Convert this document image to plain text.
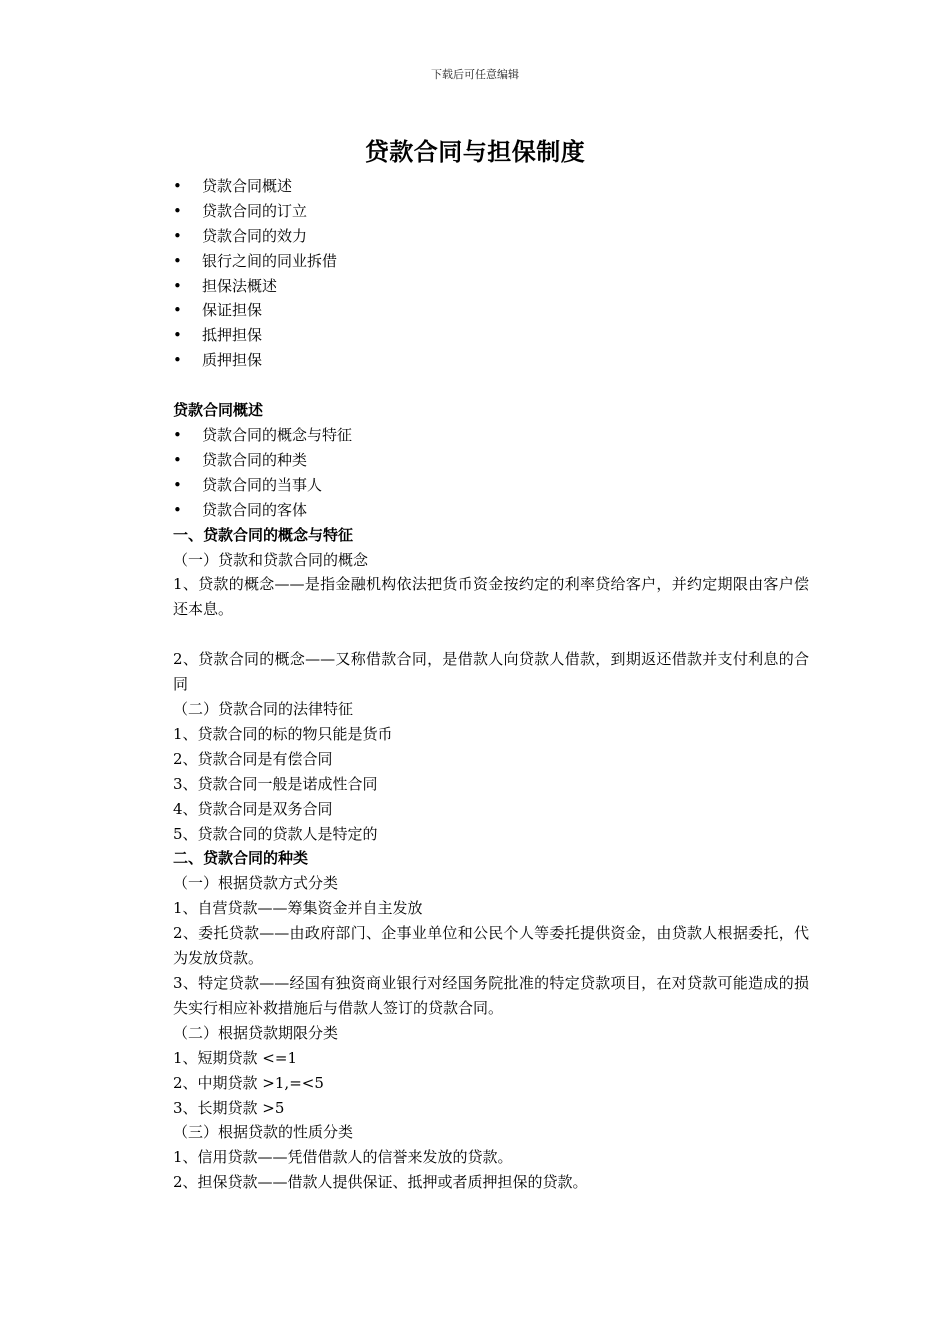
下载后可任意编辑
贷款合同与担保制度
• 贷款合同概述
• 贷款合同的订立
• 贷款合同的效力
• 银行之间的同业拆借
• 担保法概述
• 保证担保
• 抵押担保
• 质押担保

贷款合同概述

• 贷款合同的概念与特征
• 贷款合同的种类
• 贷款合同的当事人
• 贷款合同的客体

一、贷款合同的概念与特征

（一）贷款和贷款合同的概念

1、贷款的概念——是指金融机构依法把货币资金按约定的利率贷给客户，并约定期限由客户偿还本息。

2、贷款合同的概念——又称借款合同，是借款人向贷款人借款，到期返还借款并支付利息的合同

（二）贷款合同的法律特征

1、贷款合同的标的物只能是货币

2、贷款合同是有偿合同

3、贷款合同一般是诺成性合同

4、贷款合同是双务合同

5、贷款合同的贷款人是特定的

二、贷款合同的种类

（一）根据贷款方式分类

1、自营贷款——筹集资金并自主发放

2、委托贷款——由政府部门、企事业单位和公民个人等委托提供资金，由贷款人根据委托，代为发放贷款。

3、特定贷款——经国有独资商业银行对经国务院批准的特定贷款项目，在对贷款可能造成的损失实行相应补救措施后与借款人签订的贷款合同。

（二）根据贷款期限分类

1、短期贷款 <=1

2、中期贷款 >1,=<5

3、长期贷款 >5

（三）根据贷款的性质分类

1、信用贷款——凭借借款人的信誉来发放的贷款。

2、担保贷款——借款人提供保证、抵押或者质押担保的贷款。
